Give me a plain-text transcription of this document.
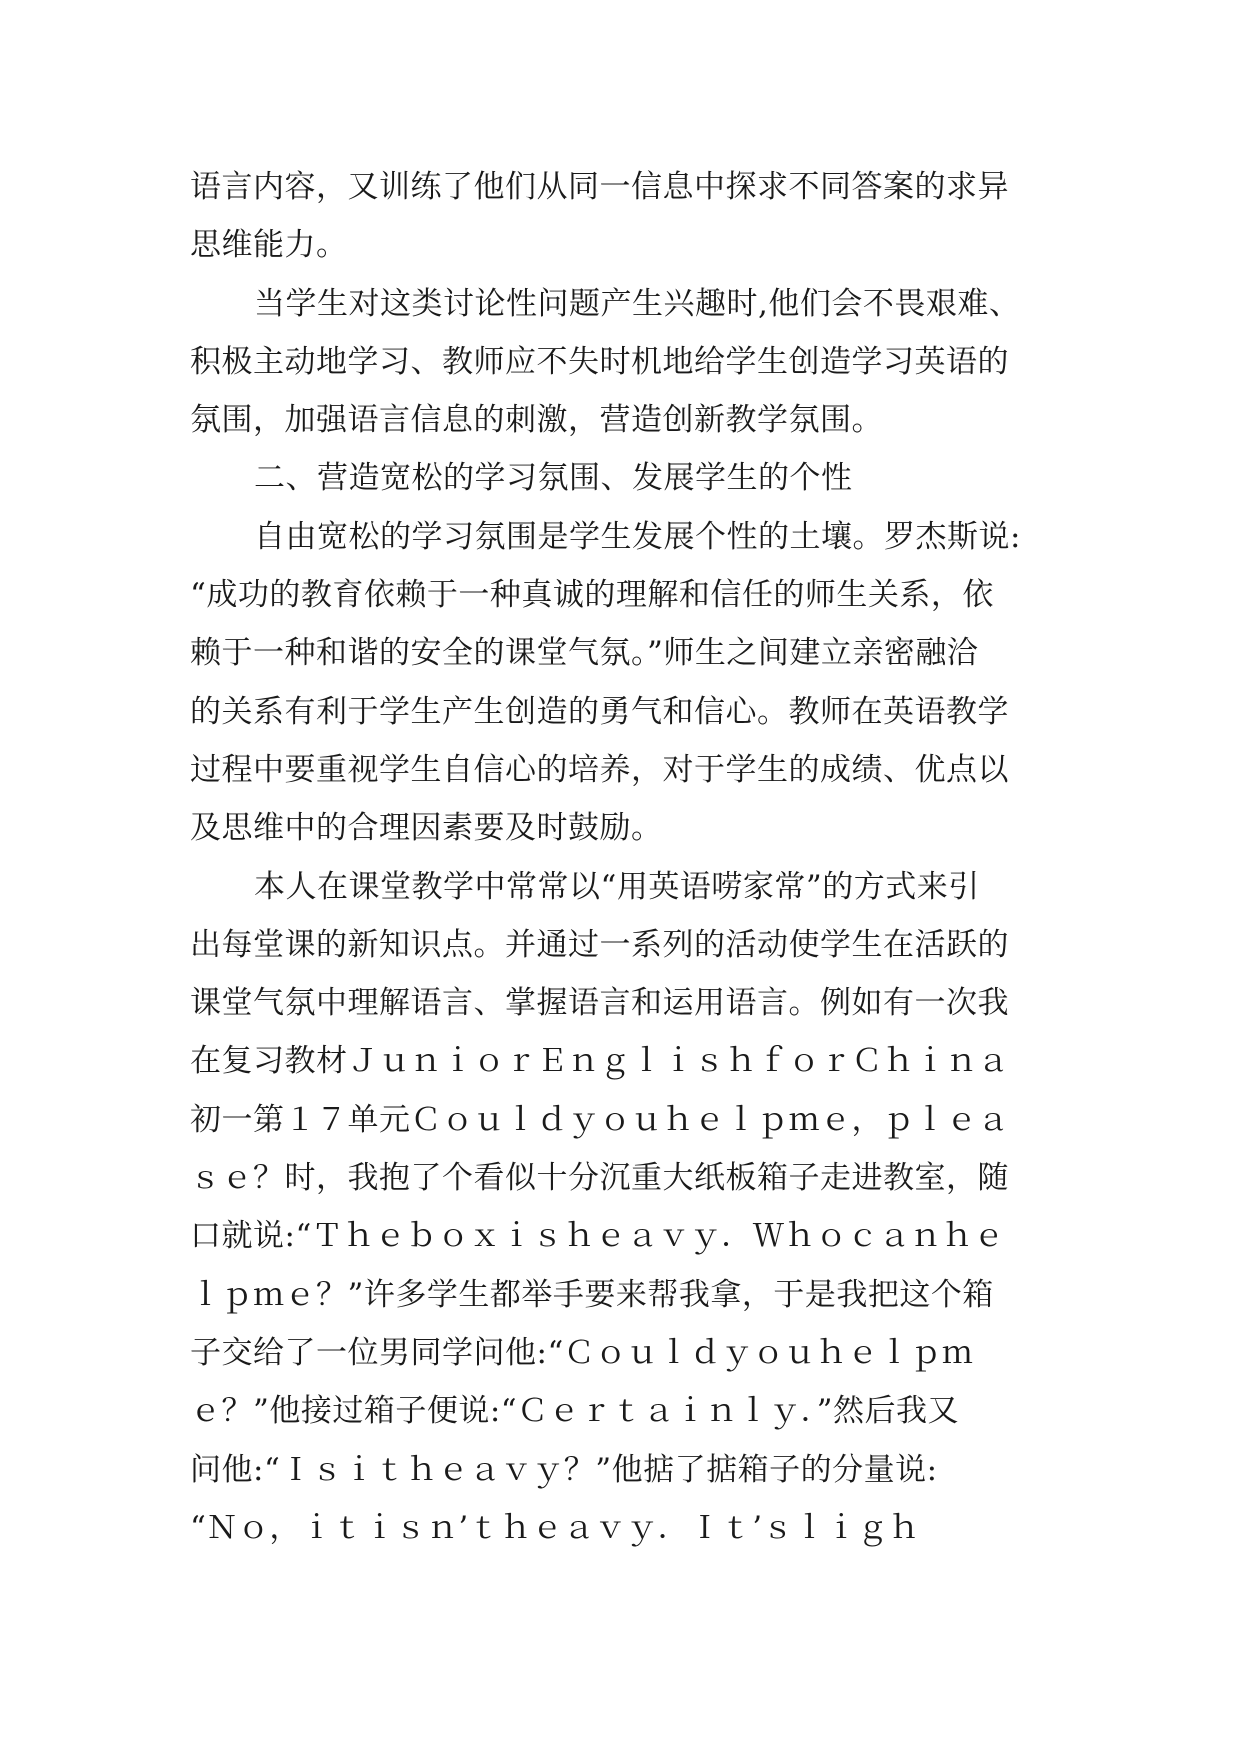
语言内容，又训练了他们从同一信息中探求不同答案的求异
思维能力。
当学生对这类讨论性问题产生兴趣时,他们会不畏艰难、
积极主动地学习、教师应不失时机地给学生创造学习英语的
氛围，加强语言信息的刺激，营造创新教学氛围。
二、营造宽松的学习氛围、发展学生的个性
自由宽松的学习氛围是学生发展个性的土壤。罗杰斯说:
“成功的教育依赖于一种真诚的理解和信任的师生关系，依
赖于一种和谐的安全的课堂气氛。”师生之间建立亲密融洽
的关系有利于学生产生创造的勇气和信心。教师在英语教学
过程中要重视学生自信心的培养，对于学生的成绩、优点以
及思维中的合理因素要及时鼓励。
本人在课堂教学中常常以“用英语唠家常”的方式来引
出每堂课的新知识点。并通过一系列的活动使学生在活跃的
课堂气氛中理解语言、掌握语言和运用语言。例如有一次我
在复习教材ＪｕｎｉｏｒＥｎｇｌｉｓｈｆｏｒＣｈｉｎａ
初一第１７单元Ｃｏｕｌｄｙｏｕｈｅｌｐｍｅ，ｐｌｅａ
ｓｅ？时，我抱了个看似十分沉重大纸板箱子走进教室，随
口就说:“Ｔｈｅｂｏｘｉｓｈｅａｖｙ．Ｗｈｏｃａｎｈｅ
ｌｐｍｅ？”许多学生都举手要来帮我拿，于是我把这个箱
子交给了一位男同学问他:“Ｃｏｕｌｄｙｏｕｈｅｌｐｍ
ｅ？”他接过箱子便说:“Ｃｅｒｔａｉｎｌｙ．”然后我又
问他:“Ｉｓｉｔｈｅａｖｙ？”他掂了掂箱子的分量说:
“Ｎｏ，ｉｔｉｓｎ’ｔｈｅａｖｙ．Ｉｔ’ｓｌｉｇｈ
